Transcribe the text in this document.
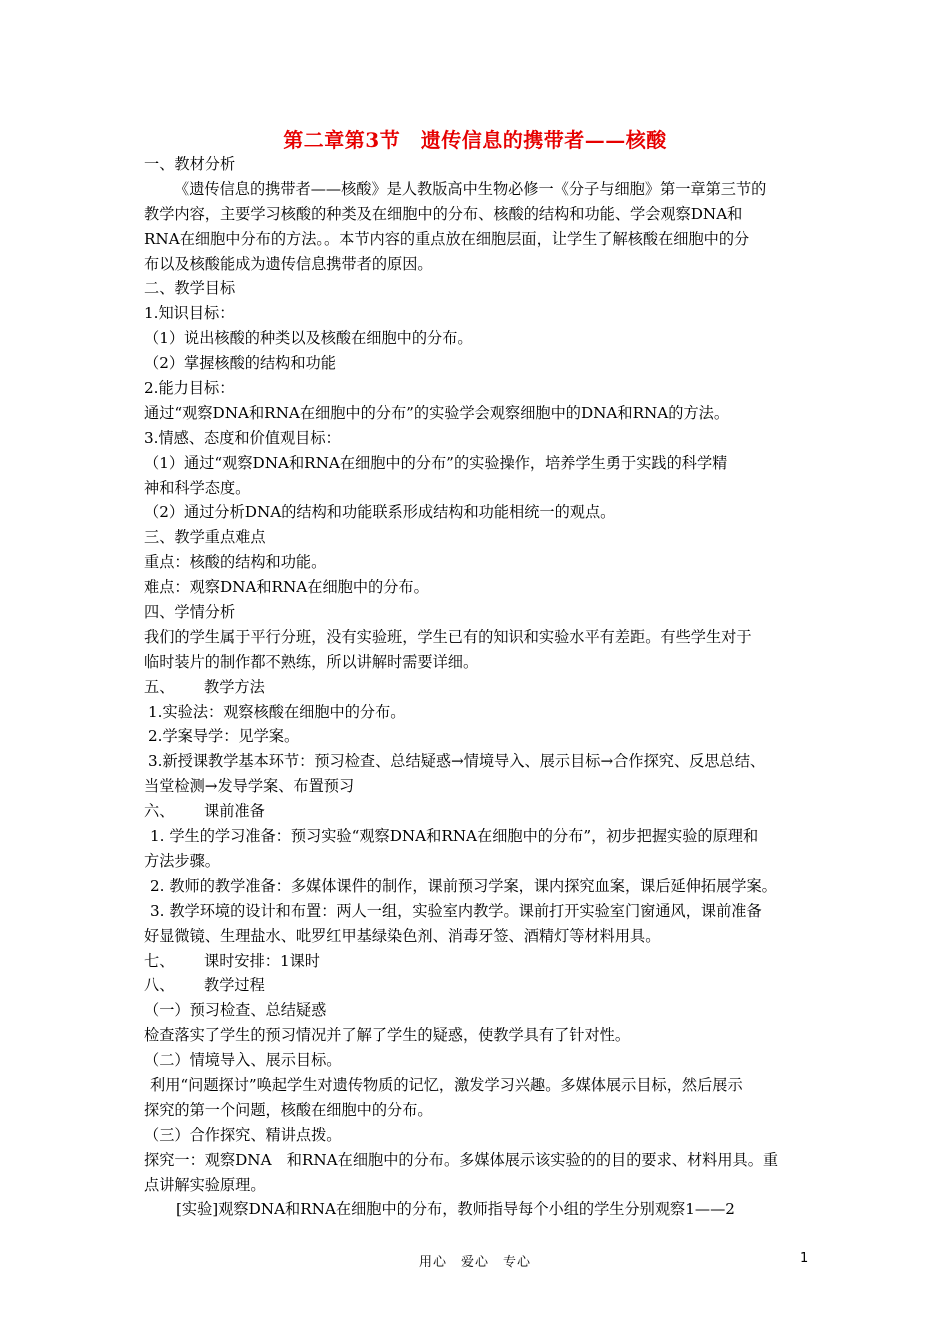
第二章第3节　遗传信息的携带者——核酸
一、教材分析
《遗传信息的携带者——核酸》是人教版高中生物必修一《分子与细胞》第一章第三节的
教学内容，主要学习核酸的种类及在细胞中的分布、核酸的结构和功能、学会观察DNA和
RNA在细胞中分布的方法。。本节内容的重点放在细胞层面，让学生了解核酸在细胞中的分
布以及核酸能成为遗传信息携带者的原因。
二、教学目标
1.知识目标：
（1）说出核酸的种类以及核酸在细胞中的分布。
（2）掌握核酸的结构和功能
2.能力目标：
通过“观察DNA和RNA在细胞中的分布”的实验学会观察细胞中的DNA和RNA的方法。
3.情感、态度和价值观目标：
（1）通过“观察DNA和RNA在细胞中的分布”的实验操作，培养学生勇于实践的科学精
神和科学态度。
（2）通过分析DNA的结构和功能联系形成结构和功能相统一的观点。
三、教学重点难点
重点：核酸的结构和功能。
难点：观察DNA和RNA在细胞中的分布。
四、学情分析
我们的学生属于平行分班，没有实验班，学生已有的知识和实验水平有差距。有些学生对于
临时装片的制作都不熟练，所以讲解时需要详细。
五、 教学方法
1.实验法：观察核酸在细胞中的分布。
2.学案导学：见学案。
3.新授课教学基本环节：预习检查、总结疑惑→情境导入、展示目标→合作探究、反思总结、
当堂检测→发导学案、布置预习
六、 课前准备
1. 学生的学习准备：预习实验“观察DNA和RNA在细胞中的分布”，初步把握实验的原理和
方法步骤。
2. 教师的教学准备：多媒体课件的制作，课前预习学案，课内探究血案，课后延伸拓展学案。
3. 教学环境的设计和布置：两人一组，实验室内教学。课前打开实验室门窗通风，课前准备
好显微镜、生理盐水、吡罗红甲基绿染色剂、消毒牙签、酒精灯等材料用具。
七、 课时安排：1课时
八、 教学过程
（一）预习检查、总结疑惑
检查落实了学生的预习情况并了解了学生的疑惑，使教学具有了针对性。
（二）情境导入、展示目标。
利用“问题探讨”唤起学生对遗传物质的记忆，激发学习兴趣。多媒体展示目标，然后展示
探究的第一个问题，核酸在细胞中的分布。
（三）合作探究、精讲点拨。
探究一：观察DNA　和RNA在细胞中的分布。多媒体展示该实验的的目的要求、材料用具。重
点讲解实验原理。
[实验]观察DNA和RNA在细胞中的分布，教师指导每个小组的学生分别观察1——2
用心　爱心　专心	1
